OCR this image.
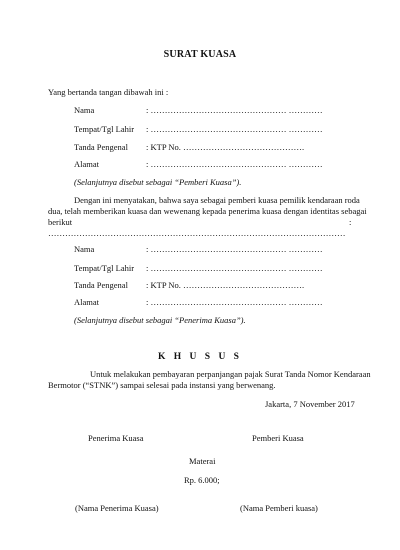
SURAT KUASA
Yang bertanda tangan dibawah ini :
Nama	: ………………………………………… …………
Tempat/Tgl Lahir : ………………………………………… …………
Tanda Pengenal : KTP No. …………………………………….
Alamat	: ………………………………………… …………
(Selanjutnya disebut sebagai “Pemberi Kuasa”).
Dengan ini menyatakan, bahwa saya sebagai pemberi kuasa pemilik kendaraan roda
dua, telah memberikan kuasa dan wewenang kepada penerima kuasa dengan identitas sebagai
berikut	:
……………………………………………………………………………………………
Nama	: ………………………………………… …………
Tempat/Tgl Lahir : ………………………………………… …………
Tanda Pengenal : KTP No. …………………………………….
Alamat	: ………………………………………… …………
(Selanjutnya disebut sebagai “Penerima Kuasa”).
K H U S U S
Untuk melakukan pembayaran perpanjangan pajak Surat Tanda Nomor Kendaraan
Bermotor (“STNK”) sampai selesai pada instansi yang berwenang.
Jakarta, 7 November 2017
Penerima Kuasa	Pemberi Kuasa
Materai
Rp. 6.000;
(Nama Penerima Kuasa)	(Nama Pemberi kuasa)
